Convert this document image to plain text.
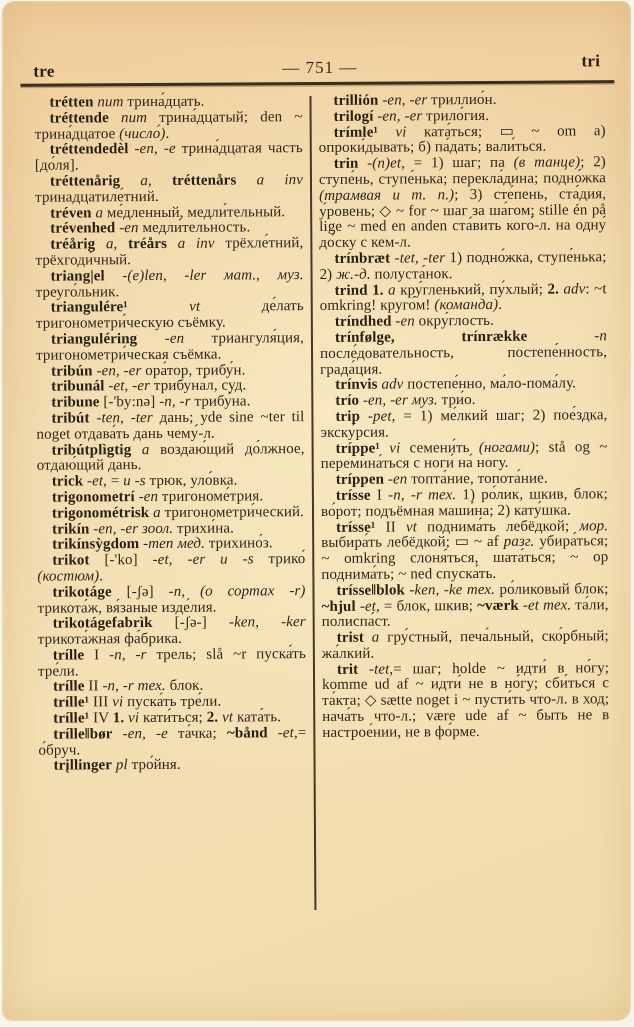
tre	— 751 —	tri

trétten num трина́дцать.

tréttende num трина́дцатый; den ~ трина́дцатое (число́).

tréttendedèl -en, -e трина́дцатая часть [до́ля].

tréttenårig a, tréttenårs a inv тринадцатиле́тний.

tréven a ме́дленный, медли́тельный.

trévenhed -en медли́тельность.

tréårig a, tréårs a inv трёхле́тний, трёхгоди́чный.

triang|el -(e)len, -ler мат., муз. треуго́льник.

triangulére¹ vt де́лать тригонометри́ческую съёмку.

trianguléring -en триангуля́ция, тригонометри́ческая съёмка.

tribún -en, -er ора́тор, трибу́н.

tribunál -et, -er трибуна́л, суд.

tribune [-'by:nə] -n, -r трибу́на.

tribút -ten, -ter дань; yde sine ~ter til noget отдава́ть дань чему́-л.

tribútplìgtig a воздаю́щий до́лжное, отдаю́щий дань.

trick -et, = и -s трюк, уло́вка.

trigonometrí -en тригономе́трия.

trigonométrisk a тригонометри́ческий.

trikín -en, -er зоол. трихи́на.

trikínsỳgdom -men мед. трихино́з.

trikot [-'ko] -et, -er и -s трико́ (костюм).

trikotáge [-ʃə] -n, (о сортах -r) трикота́ж, вя́заные изде́лия.

trikotágefabrìk [-ʃə-] -ken, -ker трикота́жная фа́брика.

trílle I -n, -r трель; slå ~r пуска́ть тре́ли.

trílle II -n, -r тех. блок.

trílle¹ III vi пуска́ть тре́ли.

trílle¹ IV 1. vi кати́ться; 2. vt ката́ть.

trílle‖bør -en, -e та́чка; ~bånd -et,= о́бруч.

trįllinger pl тро́йня.

trillión -en, -er триллио́н.

trilogí -en, -er трило́гия.

trímle¹ vi ката́ться; ▭ ~ om а) опроки́дывать; б) па́дать; вали́ться.

trin -(n)et, = 1) шаг; па (в танце); 2) ступе́нь, ступе́нька; перекла́дина; подно́жка (трамвая и т. п.); 3) сте́пень, ста́дия, у́ровень; ◇ ~ for ~ шаг за ша́гом; stille én på lige ~ med en anden ста́вить кого́-л. на одну́ до́ску с кем-л.

trínbræt -tet, -ter 1) подно́жка, ступе́нька; 2) ж.-д. полуста́нок.

trind 1. a кру́гленький, пу́хлый; 2. adv: ~t omkring! круго́м! (команда).

tríndhed -en окру́глость.

trínfølge, trínrække -n после́довательность, постепе́нность, града́ция.

trínvis adv постепе́нно, ма́ло-пома́лу.

trío -en, -er муз. три́о.

trip -pet, = 1) ме́лкий шаг; 2) пое́здка, экску́рсия.

tríppe¹ vi семени́ть (ногами); stå og ~ перемина́ться с ноги́ на́ ногу.

tríppen -en топта́ние, топота́ние.

trísse I -n, -r тех. 1) ро́лик, шкив, блок; во́рот; подъёмная маши́на; 2) кату́шка.

trísse¹ II vt поднима́ть лебёдкой; мор. выбира́ть лебёдкой; ▭ ~ af разг. убира́ться; ~ omkring слоня́ться, шата́ться; ~ op поднима́ть; ~ ned спуска́ть.

trísse‖blok -ken, -ke тех. ро́ликовый блок; ~hjul -et, = блок, шкив; ~værk -et тех. та́ли, полиспа́ст.

trist a гру́стный, печа́льный, ско́рбный; жа́лкий.

trit -tet,= шаг; holde ~ идти́ в но́гу; komme ud af ~ идти́ не в но́гу; сби́ться с та́кта; ◇ sætte noget i ~ пусти́ть что-л. в ход; нача́ть что-л.; være ude af ~ быть не в настрое́нии, не в фо́рме.
